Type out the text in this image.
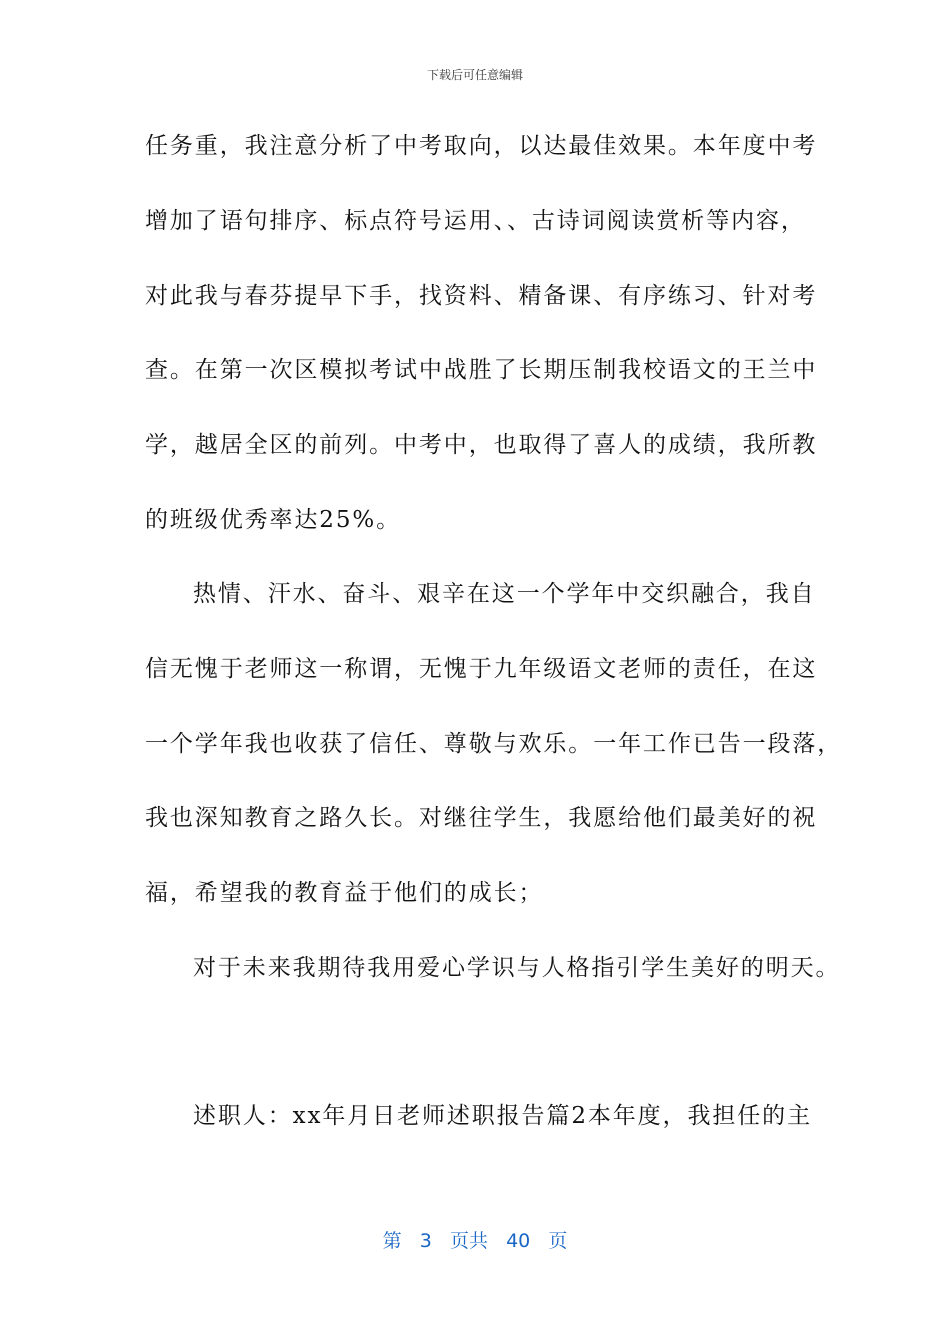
下载后可任意编辑
任务重，我注意分析了中考取向，以达最佳效果。本年度中考
增加了语句排序、标点符号运用、、古诗词阅读赏析等内容，
对此我与春芬提早下手，找资料、精备课、有序练习、针对考
查。在第一次区模拟考试中战胜了长期压制我校语文的王兰中
学，越居全区的前列。中考中，也取得了喜人的成绩，我所教
的班级优秀率达25%。
热情、汗水、奋斗、艰辛在这一个学年中交织融合，我自
信无愧于老师这一称谓，无愧于九年级语文老师的责任，在这
一个学年我也收获了信任、尊敬与欢乐。一年工作已告一段落，
我也深知教育之路久长。对继往学生，我愿给他们最美好的祝
福，希望我的教育益于他们的成长；
对于未来我期待我用爱心学识与人格指引学生美好的明天。
述职人：xx年月日老师述职报告篇2本年度，我担任的主
第 3 页共 40 页
